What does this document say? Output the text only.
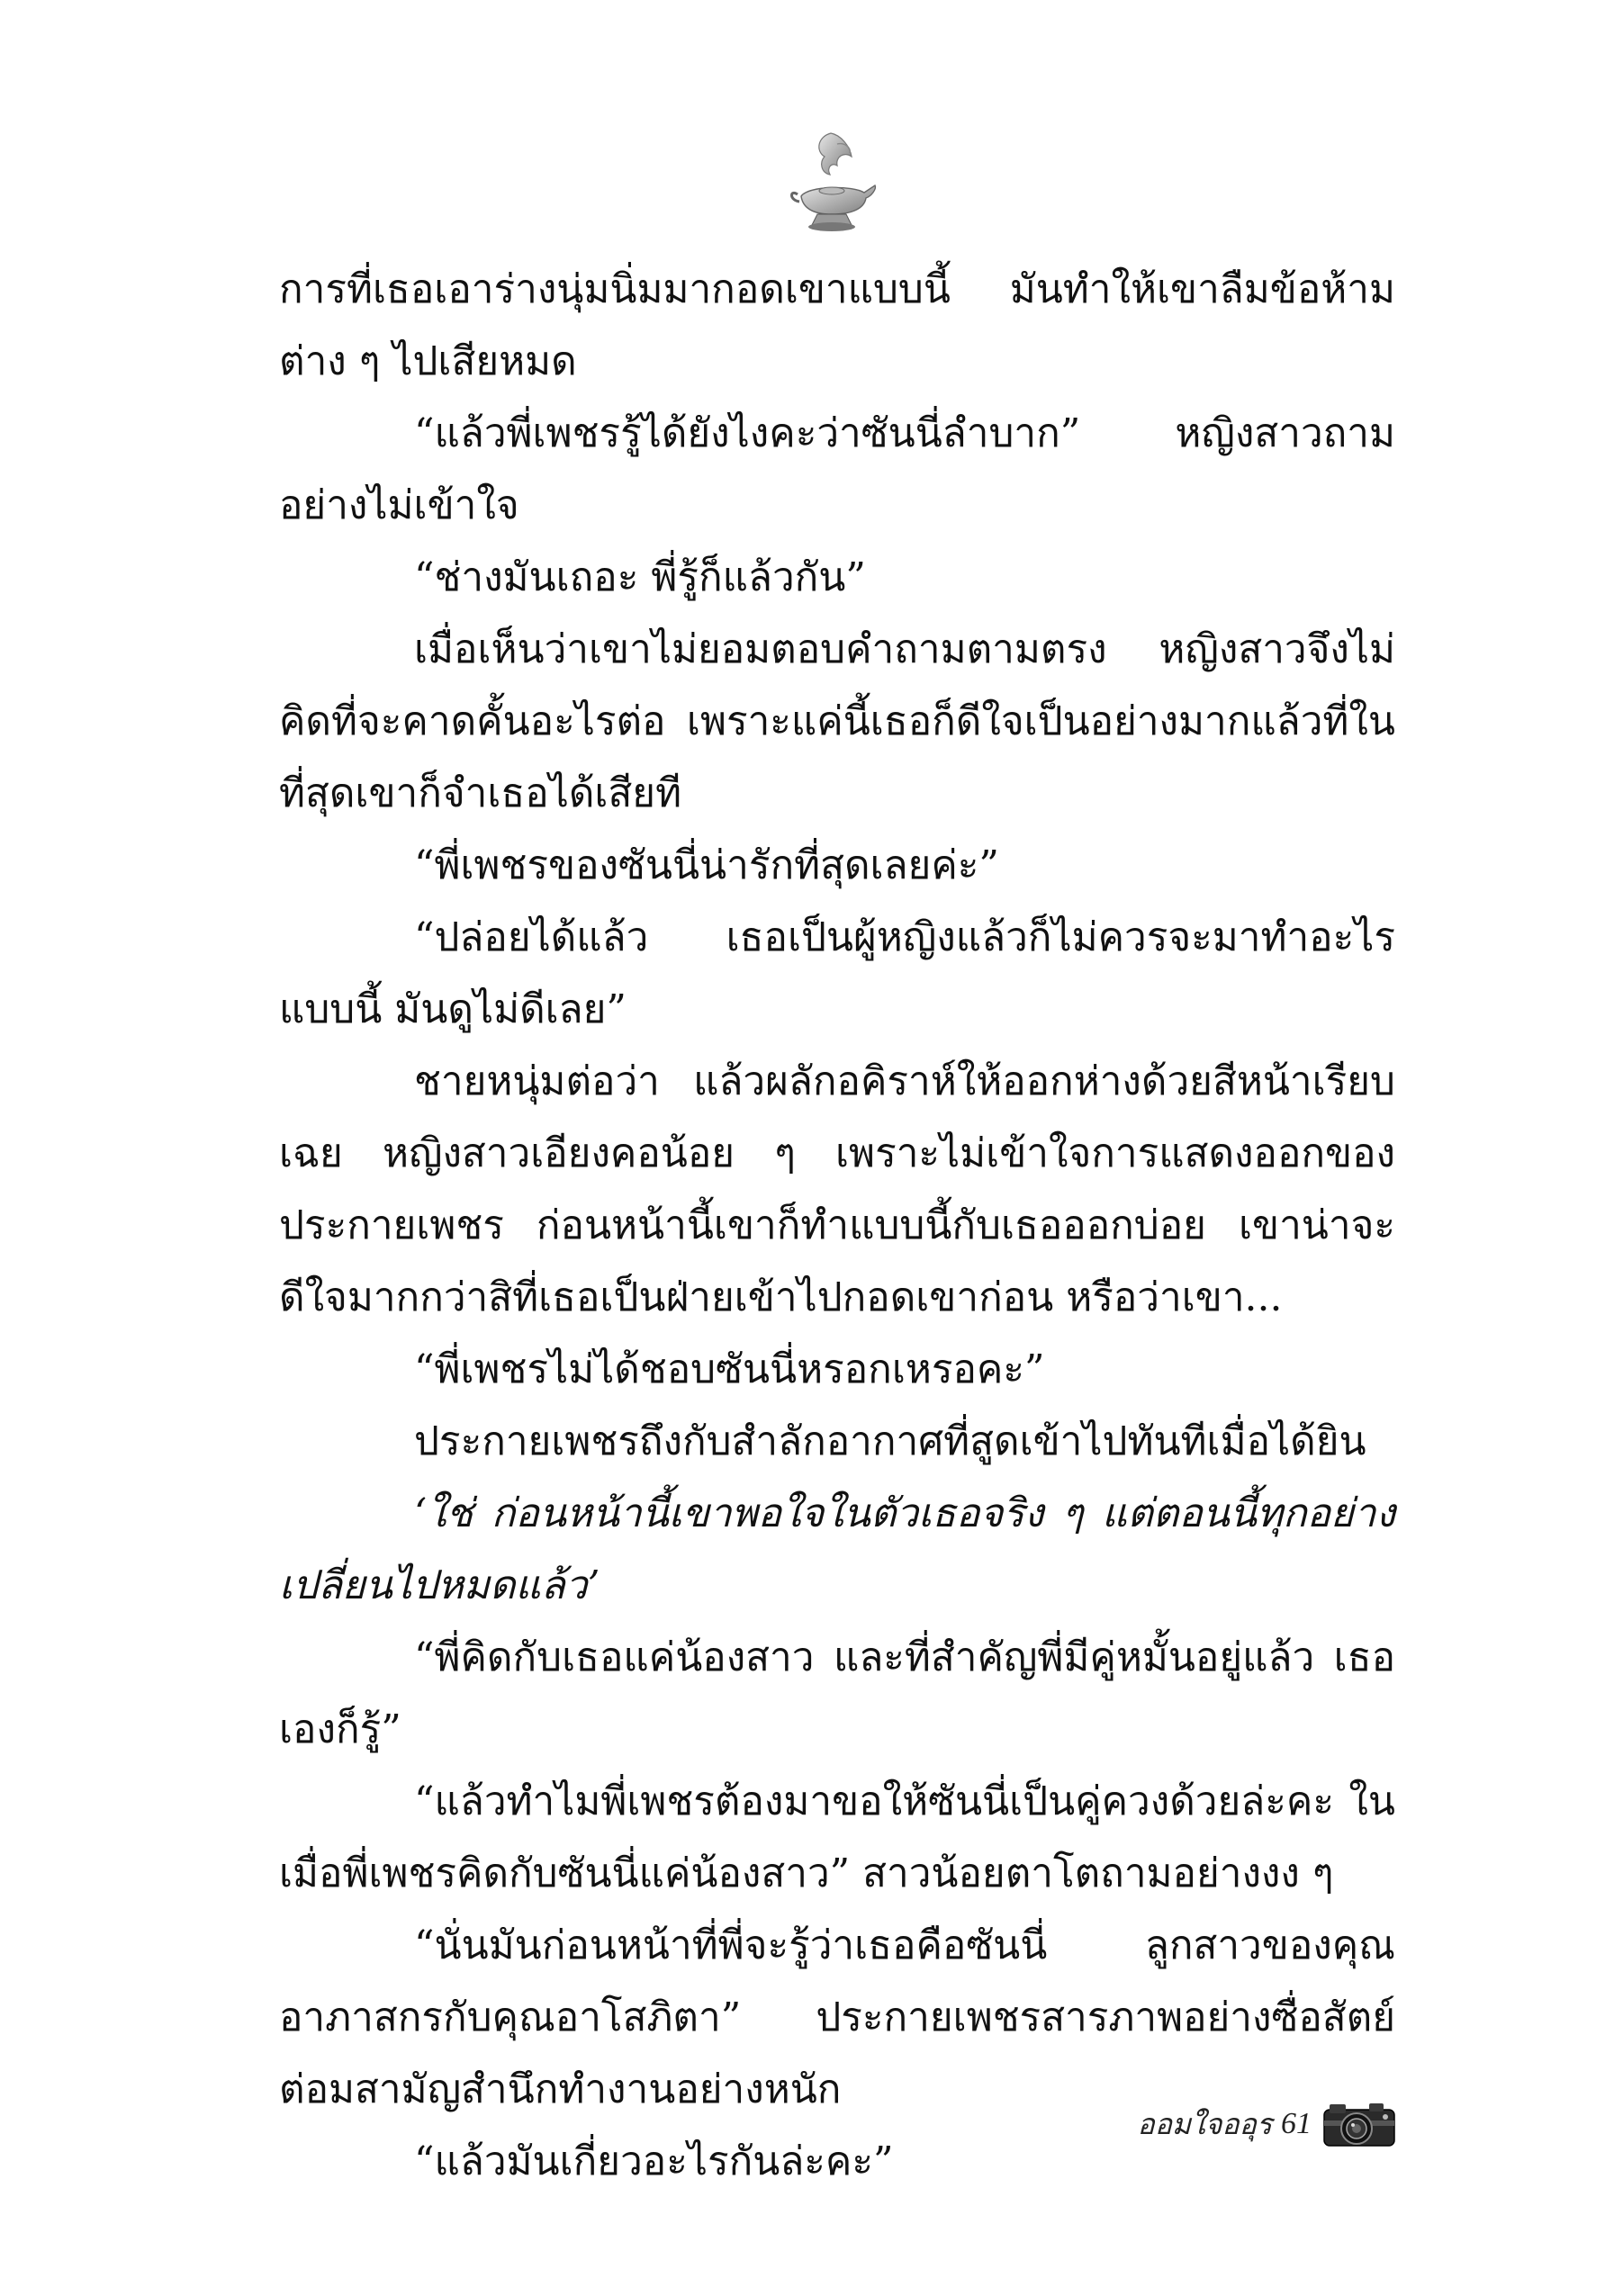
การที่เธอเอาร่างนุ่มนิ่มมากอดเขาแบบนี้ มันทำให้เขาลืมข้อห้ามต่าง ๆ ไปเสียหมด

“แล้วพี่เพชรรู้ได้ยังไงคะว่าซันนี่ลำบาก” หญิงสาวถามอย่างไม่เข้าใจ

“ช่างมันเถอะ พี่รู้ก็แล้วกัน”

เมื่อเห็นว่าเขาไม่ยอมตอบคำถามตามตรง หญิงสาวจึงไม่คิดที่จะคาดคั้นอะไรต่อ เพราะแค่นี้เธอก็ดีใจเป็นอย่างมากแล้วที่ในที่สุดเขาก็จำเธอได้เสียที

“พี่เพชรของซันนี่น่ารักที่สุดเลยค่ะ”

“ปล่อยได้แล้ว เธอเป็นผู้หญิงแล้วก็ไม่ควรจะมาทำอะไรแบบนี้ มันดูไม่ดีเลย”

ชายหนุ่มต่อว่า แล้วผลักอคิราห์ให้ออกห่างด้วยสีหน้าเรียบเฉย หญิงสาวเอียงคอน้อย ๆ เพราะไม่เข้าใจการแสดงออกของประกายเพชร ก่อนหน้านี้เขาก็ทำแบบนี้กับเธอออกบ่อย เขาน่าจะดีใจมากกว่าสิที่เธอเป็นฝ่ายเข้าไปกอดเขาก่อน หรือว่าเขา...

“พี่เพชรไม่ได้ชอบซันนี่หรอกเหรอคะ”

ประกายเพชรถึงกับสำลักอากาศที่สูดเข้าไปทันทีเมื่อได้ยิน

‘ใช่ ก่อนหน้านี้เขาพอใจในตัวเธอจริง ๆ แต่ตอนนี้ทุกอย่างเปลี่ยนไปหมดแล้ว’

“พี่คิดกับเธอแค่น้องสาว และที่สำคัญพี่มีคู่หมั้นอยู่แล้ว เธอเองก็รู้”

“แล้วทำไมพี่เพชรต้องมาขอให้ซันนี่เป็นคู่ควงด้วยล่ะคะ ในเมื่อพี่เพชรคิดกับซันนี่แค่น้องสาว” สาวน้อยตาโตถามอย่างงง ๆ

“นั่นมันก่อนหน้าที่พี่จะรู้ว่าเธอคือซันนี่ ลูกสาวของคุณอาภาสกรกับคุณอาโสภิตา” ประกายเพชรสารภาพอย่างซื่อสัตย์ ต่อมสามัญสำนึกทำงานอย่างหนัก

“แล้วมันเกี่ยวอะไรกันล่ะคะ”

ออมใจออุร 61
